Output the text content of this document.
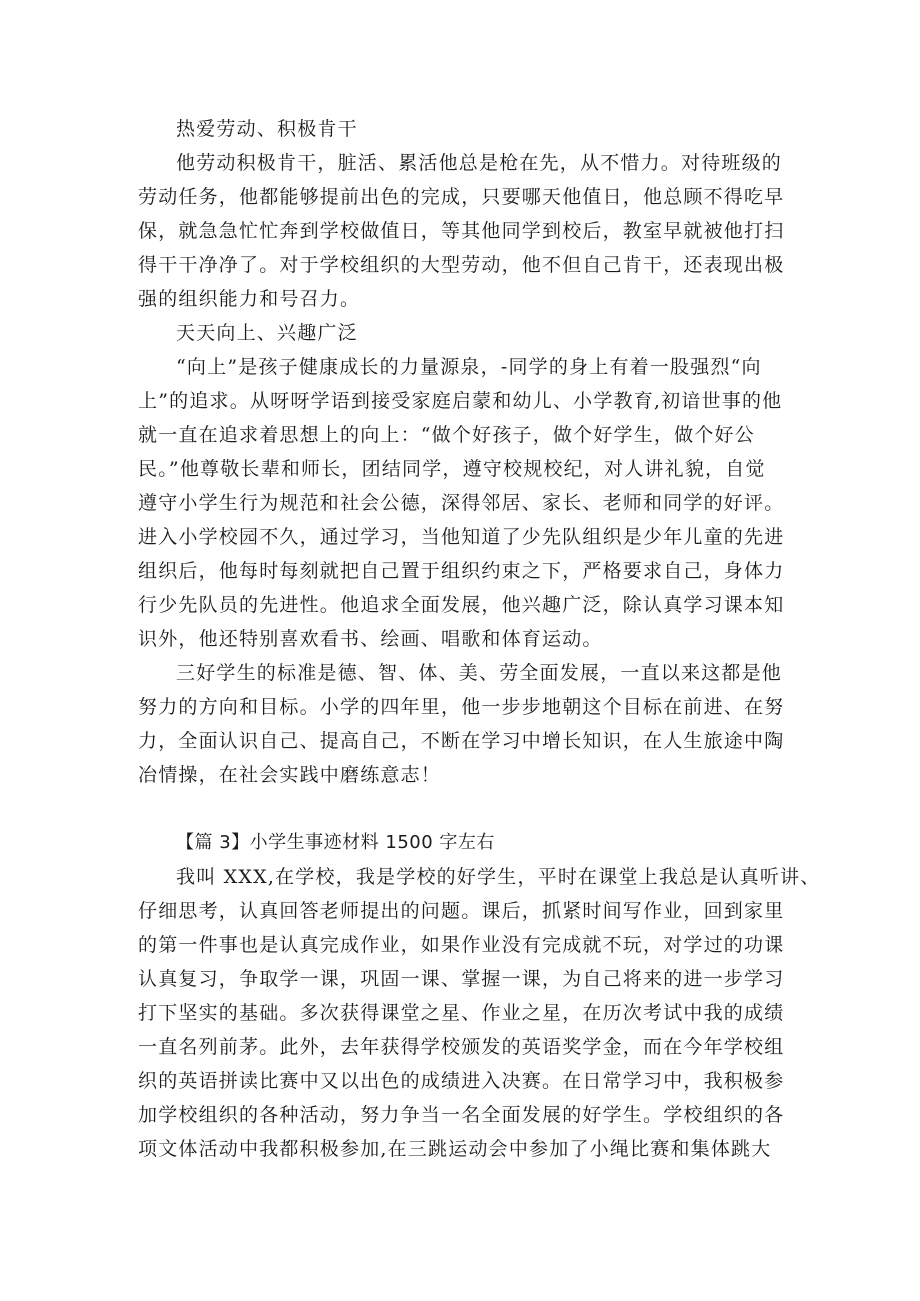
热爱劳动、积极肯干
他劳动积极肯干，脏活、累活他总是枪在先，从不惜力。对待班级的
劳动任务，他都能够提前出色的完成，只要哪天他值日，他总顾不得吃早
保，就急急忙忙奔到学校做值日，等其他同学到校后，教室早就被他打扫
得干干净净了。对于学校组织的大型劳动，他不但自己肯干，还表现出极
强的组织能力和号召力。
天天向上、兴趣广泛
“向上”是孩子健康成长的力量源泉，-同学的身上有着一股强烈“向
上”的追求。从呀呀学语到接受家庭启蒙和幼儿、小学教育,初谙世事的他
就一直在追求着思想上的向上：“做个好孩子，做个好学生，做个好公
民。”他尊敬长辈和师长，团结同学，遵守校规校纪，对人讲礼貌，自觉
遵守小学生行为规范和社会公德，深得邻居、家长、老师和同学的好评。
进入小学校园不久，通过学习，当他知道了少先队组织是少年儿童的先进
组织后，他每时每刻就把自己置于组织约束之下，严格要求自己，身体力
行少先队员的先进性。他追求全面发展，他兴趣广泛，除认真学习课本知
识外，他还特别喜欢看书、绘画、唱歌和体育运动。
三好学生的标准是德、智、体、美、劳全面发展，一直以来这都是他
努力的方向和目标。小学的四年里，他一步步地朝这个目标在前进、在努
力，全面认识自己、提高自己，不断在学习中增长知识，在人生旅途中陶
冶情操，在社会实践中磨练意志！
【篇 3】小学生事迹材料 1500 字左右
我叫 XXX,在学校，我是学校的好学生，平时在课堂上我总是认真听讲、
仔细思考，认真回答老师提出的问题。课后，抓紧时间写作业，回到家里
的第一件事也是认真完成作业，如果作业没有完成就不玩，对学过的功课
认真复习，争取学一课，巩固一课、掌握一课，为自己将来的进一步学习
打下坚实的基础。多次获得课堂之星、作业之星，在历次考试中我的成绩
一直名列前茅。此外，去年获得学校颁发的英语奖学金，而在今年学校组
织的英语拼读比赛中又以出色的成绩进入决赛。在日常学习中，我积极参
加学校组织的各种活动，努力争当一名全面发展的好学生。学校组织的各
项文体活动中我都积极参加,在三跳运动会中参加了小绳比赛和集体跳大
